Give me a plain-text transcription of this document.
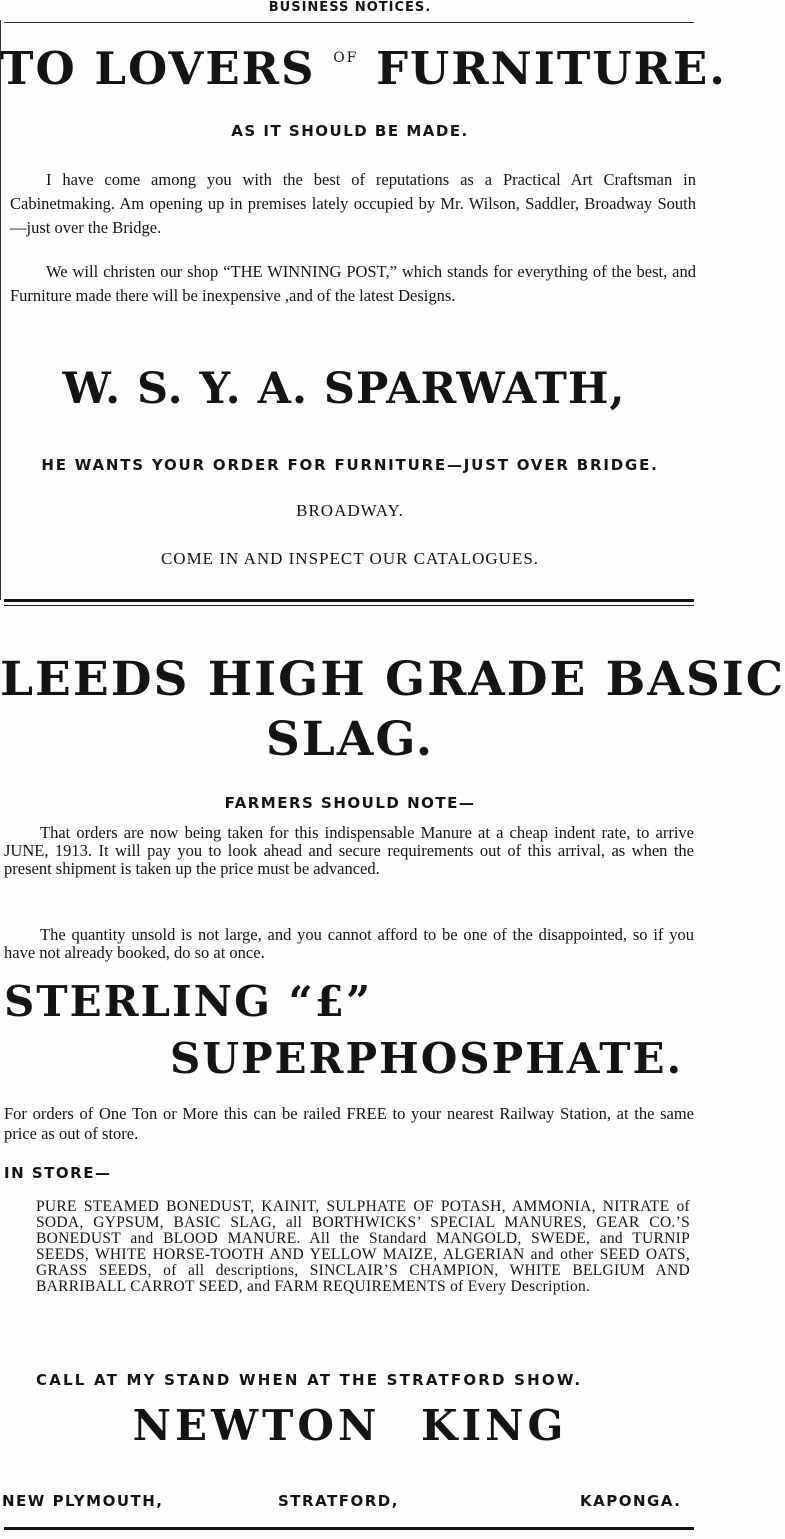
BUSINESS NOTICES.
TO LOVERS $^{OF}$ FURNITURE.
AS IT SHOULD BE MADE.

I have come among you with the best of reputations as a Practical Art Craftsman in Cabinetmaking. Am opening up in premises lately occupied by Mr. Wilson, Saddler, Broadway South—just over the Bridge.

We will christen our shop “THE WINNING POST,” which stands for everything of the best, and Furniture made there will be inexpensive ,and of the latest Designs.

W. S. Y. A. SPARWATH,
HE WANTS YOUR ORDER FOR FURNITURE—JUST OVER BRIDGE.
BROADWAY.
COME IN AND INSPECT OUR CATALOGUES.
LEEDS HIGH GRADE BASIC
SLAG.
FARMERS SHOULD NOTE—

That orders are now being taken for this indispensable Manure at a cheap indent rate, to arrive JUNE, 1913. It will pay you to look ahead and secure requirements out of this arrival, as when the present shipment is taken up the price must be advanced.

The quantity unsold is not large, and you cannot afford to be one of the disappointed, so if you have not already booked, do so at once.

STERLING “£”
SUPERPHOSPHATE.

For orders of One Ton or More this can be railed FREE to your nearest Railway Station, at the same price as out of store.

IN STORE—

PURE STEAMED BONEDUST, KAINIT, SULPHATE OF POTASH, AMMONIA, NITRATE of SODA, GYPSUM, BASIC SLAG, all BORTHWICKS’ SPECIAL MANURES, GEAR CO.’S BONEDUST and BLOOD MANURE. All the Standard MANGOLD, SWEDE, and TURNIP SEEDS, WHITE HORSE-TOOTH AND YELLOW MAIZE, ALGERIAN and other SEED OATS, GRASS SEEDS, of all descriptions, SINCLAIR’S CHAMPION, WHITE BELGIUM AND BARRIBALL CARROT SEED, and FARM REQUIREMENTS of Every Description.

CALL AT MY STAND WHEN AT THE STRATFORD SHOW.
NEWTON KING
NEW PLYMOUTH,	STRATFORD,	KAPONGA.
